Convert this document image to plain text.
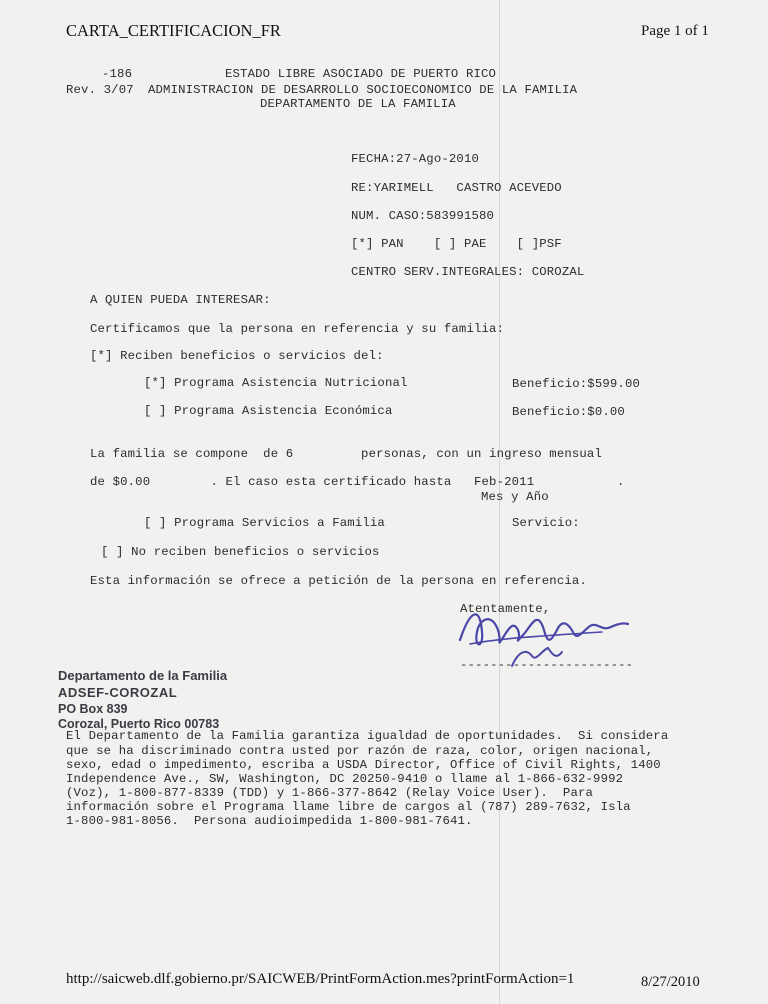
CARTA_CERTIFICACION_FR	Page 1 of 1
-186
Rev. 3/07
ESTADO LIBRE ASOCIADO DE PUERTO RICO
ADMINISTRACION DE DESARROLLO SOCIOECONOMICO DE LA FAMILIA
DEPARTAMENTO DE LA FAMILIA
FECHA:27-Ago-2010
RE:YARIMELL   CASTRO ACEVEDO
NUM. CASO:583991580
[*] PAN    [ ] PAE    [ ]PSF
CENTRO SERV.INTEGRALES: COROZAL
A QUIEN PUEDA INTERESAR:
Certificamos que la persona en referencia y su familia:
[*] Reciben beneficios o servicios del:
[*] Programa Asistencia Nutricional	Beneficio:$599.00
[ ] Programa Asistencia Económica	Beneficio:$0.00
La familia se compone  de 6         personas, con un ingreso mensual
de $0.00        . El caso esta certificado hasta   Feb-2011           .
Mes y Año
[ ] Programa Servicios a Familia	Servicio:
[ ] No reciben beneficios o servicios
Esta información se ofrece a petición de la persona en referencia.
Atentamente,
-----------------------
Departamento de la Familia
ADSEF-COROZAL
PO Box 839
Corozal, Puerto Rico 00783
El Departamento de la Familia garantiza igualdad de oportunidades.  Si considera
que se ha discriminado contra usted por razón de raza, color, origen nacional,
sexo, edad o impedimento, escriba a USDA Director, Office of Civil Rights, 1400
Independence Ave., SW, Washington, DC 20250-9410 o llame al 1-866-632-9992
(Voz), 1-800-877-8339 (TDD) y 1-866-377-8642 (Relay Voice User).  Para
información sobre el Programa llame libre de cargos al (787) 289-7632, Isla
1-800-981-8056.  Persona audioimpedida 1-800-981-7641.
http://saicweb.dlf.gobierno.pr/SAICWEB/PrintFormAction.mes?printFormAction=1	8/27/2010
